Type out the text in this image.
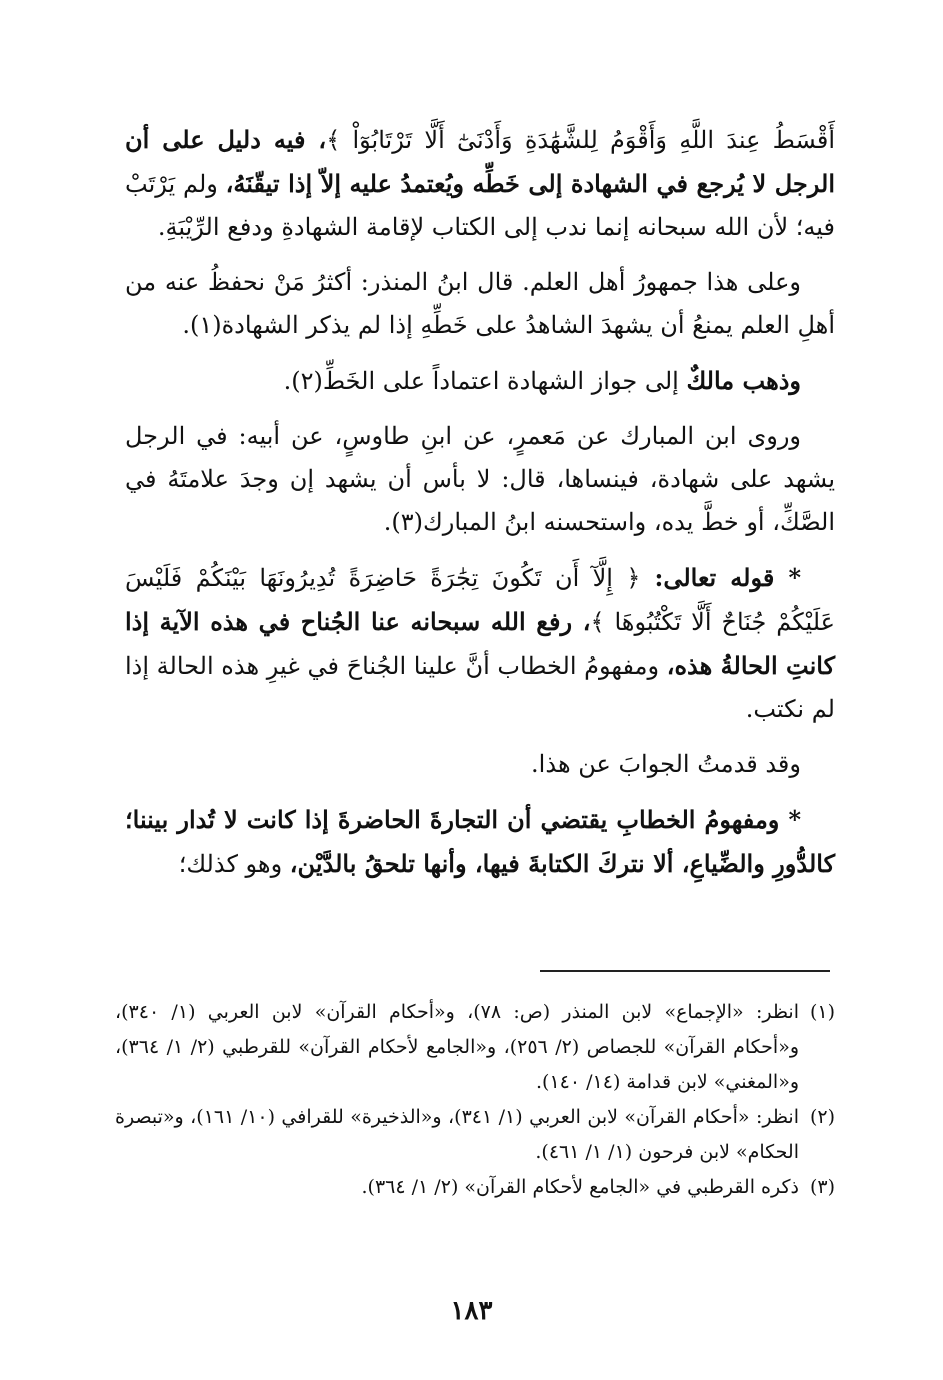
أَقْسَطُ عِندَ اللَّهِ وَأَقْوَمُ لِلشَّهَٰدَةِ وَأَدْنَىٰٓ أَلَّا تَرْتَابُوٓاْ ﴾، فيه دليل على أن الرجل لا يُرجع في الشهادة إلى خَطِّه ويُعتمدُ عليه إلاّ إذا تيقّنَهُ، ولم يَرْتَبْ فيه؛ لأن الله سبحانه إنما ندب إلى الكتاب لإقامة الشهادةِ ودفع الرِّيْبَةِ.

وعلى هذا جمهورُ أهل العلم. قال ابنُ المنذر: أكثرُ مَنْ نحفظُ عنه من أهلِ العلم يمنعُ أن يشهدَ الشاهدُ على خَطِّهِ إذا لم يذكر الشهادة(١).

وذهب مالكٌ إلى جواز الشهادة اعتماداً على الخَطِّ(٢).

وروى ابن المبارك عن مَعمرٍ، عن ابنِ طاوسٍ، عن أبيه: في الرجل يشهد على شهادة، فينساها، قال: لا بأس أن يشهد إن وجدَ علامتَهُ في الصَّكِّ، أو خطَّ يده، واستحسنه ابنُ المبارك(٣).

* قوله تعالى: ﴿ إِلَّآ أَن تَكُونَ تِجَٰرَةً حَاضِرَةً تُدِيرُونَهَا بَيْنَكُمْ فَلَيْسَ عَلَيْكُمْ جُنَاحٌ أَلَّا تَكْتُبُوهَا ﴾، رفع الله سبحانه عنا الجُناح في هذه الآية إذا كانتِ الحالةُ هذه، ومفهومُ الخطاب أنَّ علينا الجُناحَ في غيرِ هذه الحالة إذا لم نكتب.

وقد قدمتُ الجوابَ عن هذا.

* ومفهومُ الخطابِ يقتضي أن التجارةَ الحاضرةَ إذا كانت لا تُدار بيننا؛ كالدُّورِ والضِّياعِ، ألا نتركَ الكتابةَ فيها، وأنها تلحقُ بالدَّيْن، وهو كذلك؛

(١)
انظر: «الإجماع» لابن المنذر (ص: ٧٨)، و«أحكام القرآن» لابن العربي (١/ ٣٤٠)، و«أحكام القرآن» للجصاص (٢/ ٢٥٦)، و«الجامع لأحكام القرآن» للقرطبي (٢/ ١/ ٣٦٤)، و«المغني» لابن قدامة (١٤/ ١٤٠).
(٢)
انظر: «أحكام القرآن» لابن العربي (١/ ٣٤١)، و«الذخيرة» للقرافي (١٠/ ١٦١)، و«تبصرة الحكام» لابن فرحون (١/ ١/ ٤٦١).
(٣)
ذكره القرطبي في «الجامع لأحكام القرآن» (٢/ ١/ ٣٦٤).
١٨٣
